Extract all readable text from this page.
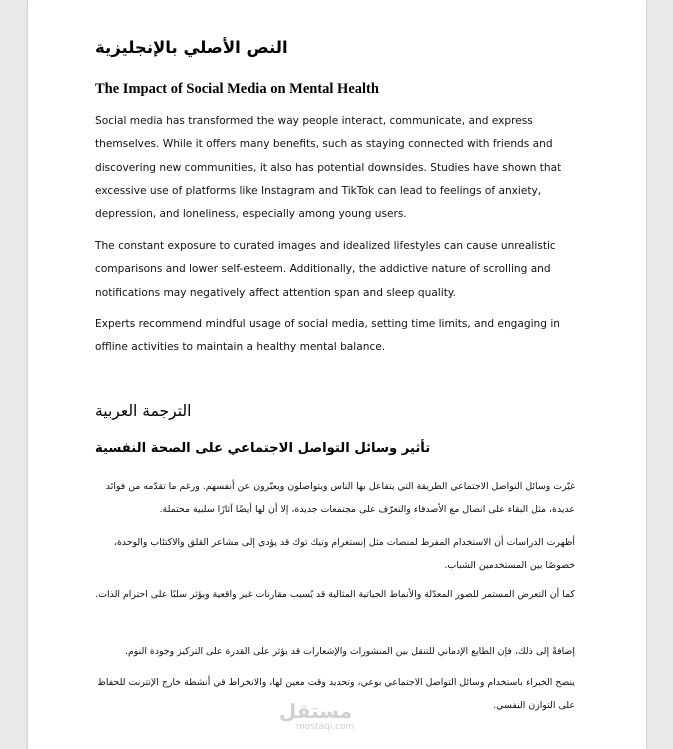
النص الأصلي بالإنجليزية
The Impact of Social Media on Mental Health

Social media has transformed the way people interact, communicate, and express themselves. While it offers many benefits, such as staying connected with friends and discovering new communities, it also has potential downsides. Studies have shown that excessive use of platforms like Instagram and TikTok can lead to feelings of anxiety, depression, and loneliness, especially among young users.

The constant exposure to curated images and idealized lifestyles can cause unrealistic comparisons and lower self-esteem. Additionally, the addictive nature of scrolling and notifications may negatively affect attention span and sleep quality.

Experts recommend mindful usage of social media, setting time limits, and engaging in offline activities to maintain a healthy mental balance.

الترجمة العربية
تأثير وسائل التواصل الاجتماعي على الصحة النفسية

غيّرت وسائل التواصل الاجتماعي الطريقة التي يتفاعل بها الناس ويتواصلون ويعبّرون عن أنفسهم. ورغم ما تقدّمه من فوائد عديدة، مثل البقاء على اتصال مع الأصدقاء والتعرّف على مجتمعات جديدة، إلا أن لها أيضًا آثارًا سلبية محتملة.

أظهرت الدراسات أن الاستخدام المفرط لمنصات مثل إنستغرام وتيك توك قد يؤدي إلى مشاعر القلق والاكتئاب والوحدة، خصوصًا بين المستخدمين الشباب.

كما أن التعرض المستمر للصور المعدّلة والأنماط الحياتية المثالية قد يُسبب مقارنات غير واقعية ويؤثر سلبًا على احترام الذات.

إضافةً إلى ذلك، فإن الطابع الإدماني للتنقل بين المنشورات والإشعارات قد يؤثر على القدرة على التركيز وجودة النوم.

ينصح الخبراء باستخدام وسائل التواصل الاجتماعي بوعي، وتحديد وقت معين لها، والانخراط في أنشطة خارج الإنترنت للحفاظ على التوازن النفسي.

مستقل
mostaql.com
